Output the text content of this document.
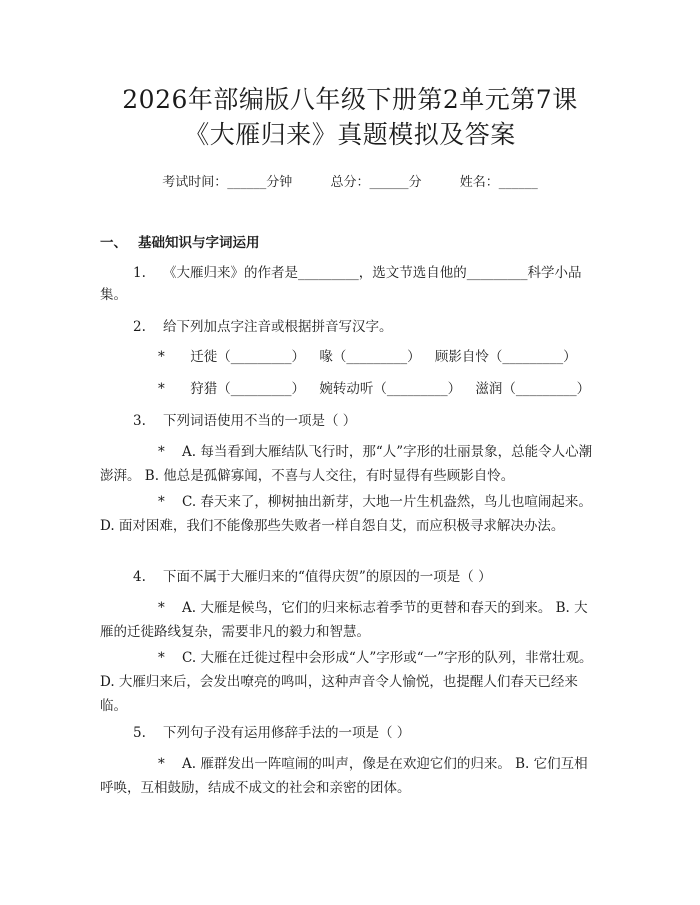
2026年部编版八年级下册第2单元第7课
《大雁归来》真题模拟及答案
考试时间：______分钟	总分：______分	姓名：______
一、 基础知识与字词运用
1. 《大雁归来》的作者是_________，选文节选自他的_________科学小品集。
2. 给下列加点字注音或根据拼音写汉字。
* 迁徙（_________） 喙（_________） 顾影自怜（_________）
* 狩猎（_________） 婉转动听（_________） 滋润（_________）
3. 下列词语使用不当的一项是（ ）
* A. 每当看到大雁结队飞行时，那“人”字形的壮丽景象，总能令人心潮澎湃。 B. 他总是孤僻寡闻，不喜与人交往，有时显得有些顾影自怜。
* C. 春天来了，柳树抽出新芽，大地一片生机盎然，鸟儿也喧闹起来。 D. 面对困难，我们不能像那些失败者一样自怨自艾，而应积极寻求解决办法。
4. 下面不属于大雁归来的“值得庆贺”的原因的一项是（ ）
* A. 大雁是候鸟，它们的归来标志着季节的更替和春天的到来。 B. 大雁的迁徙路线复杂，需要非凡的毅力和智慧。
* C. 大雁在迁徙过程中会形成“人”字形或“一”字形的队列，非常壮观。 D. 大雁归来后，会发出嘹亮的鸣叫，这种声音令人愉悦，也提醒人们春天已经来临。
5. 下列句子没有运用修辞手法的一项是（ ）
* A. 雁群发出一阵喧闹的叫声，像是在欢迎它们的归来。 B. 它们互相呼唤，互相鼓励，结成不成文的社会和亲密的团体。
